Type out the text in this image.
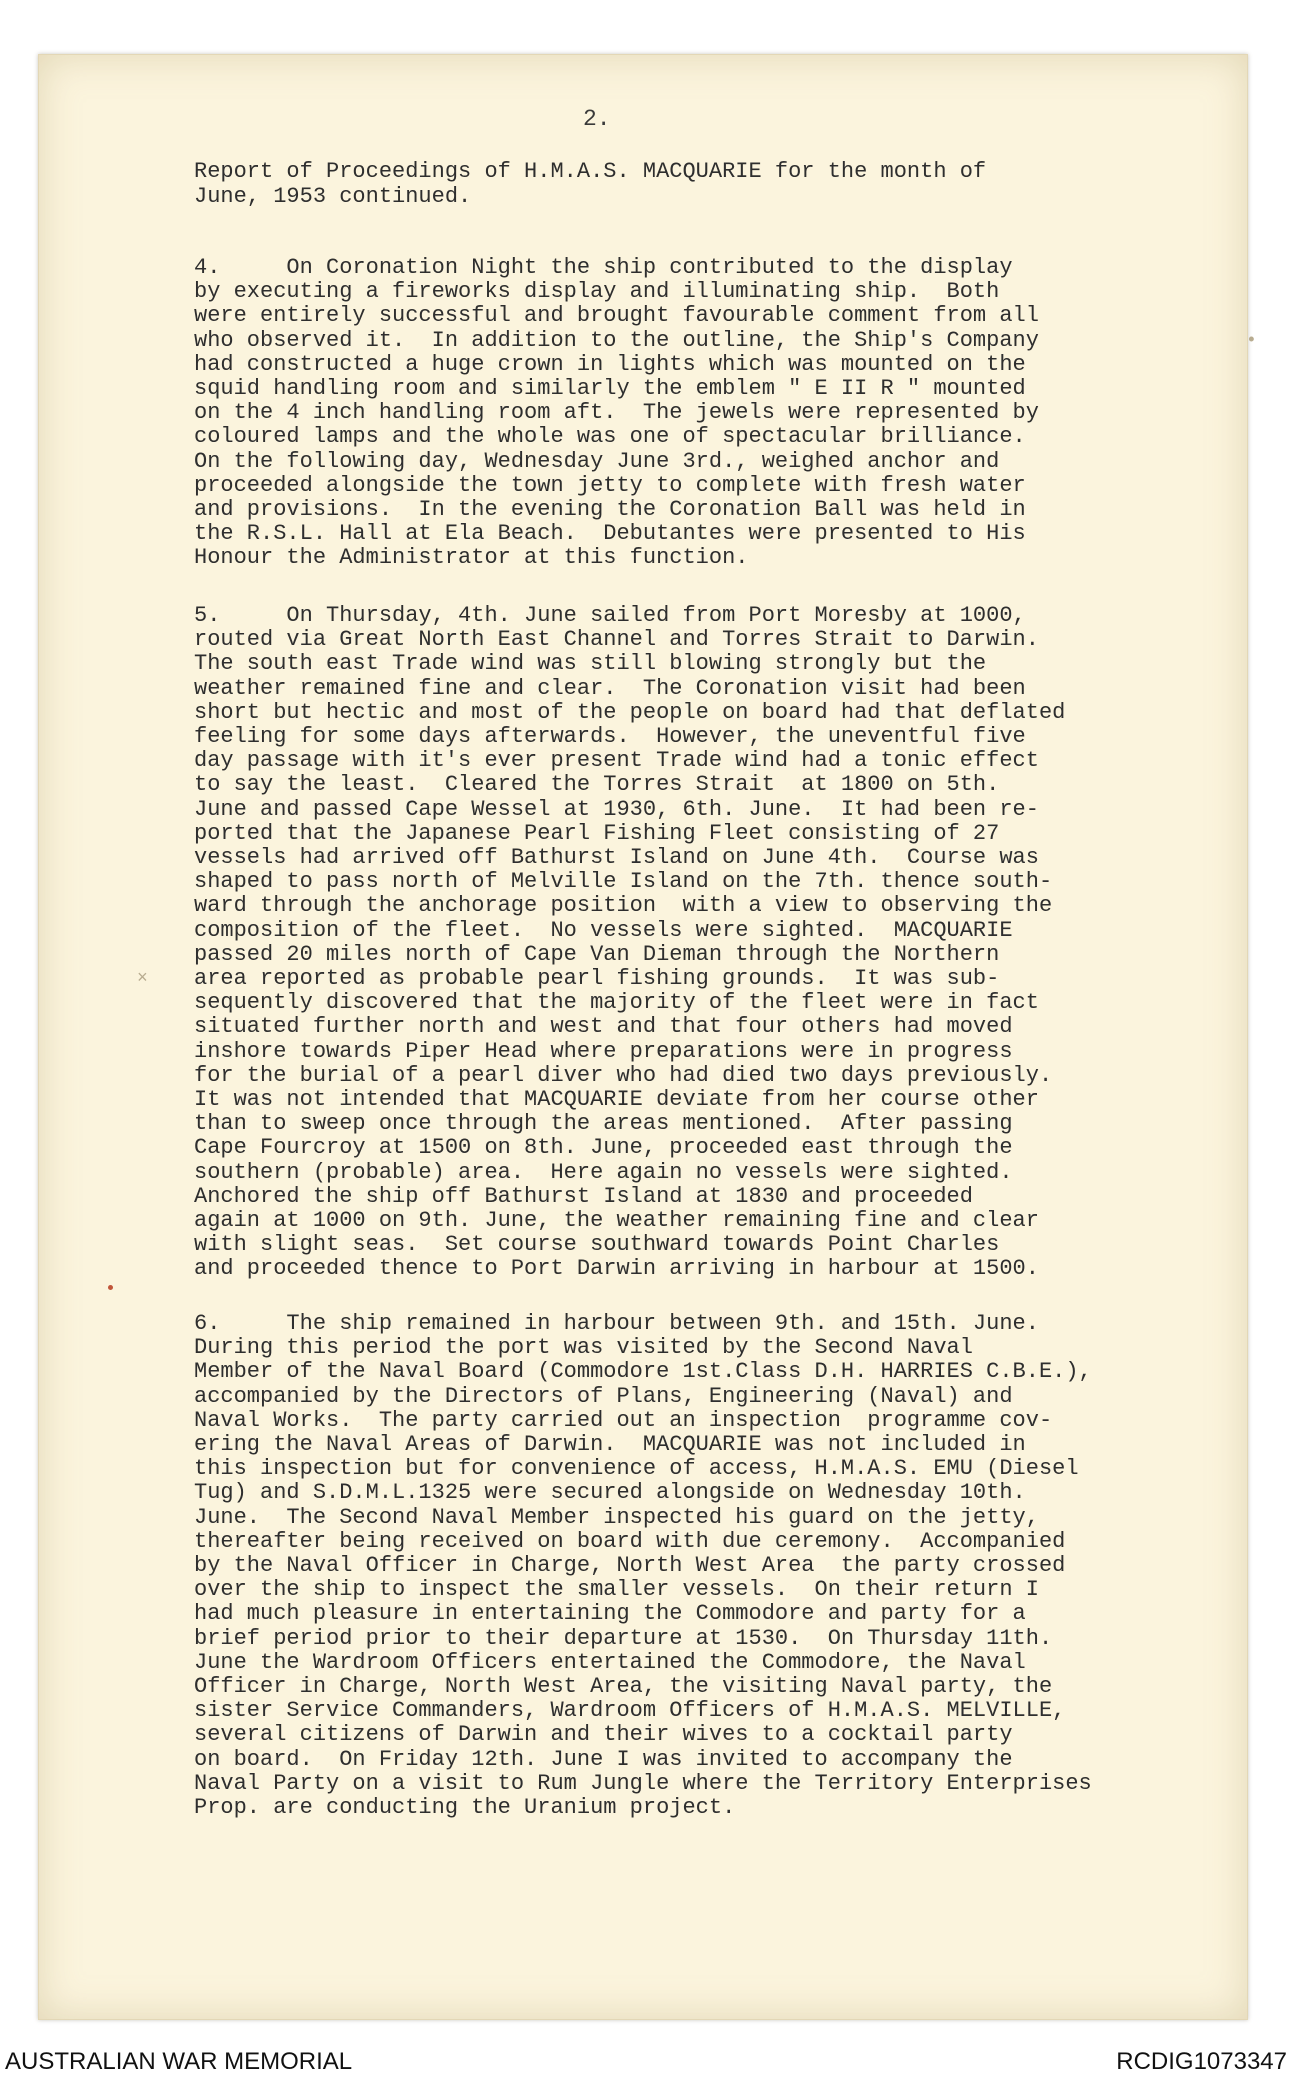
2.

Report of Proceedings of H.M.A.S. MACQUARIE for the month of
June, 1953 continued.

4.     On Coronation Night the ship contributed to the display
by executing a fireworks display and illuminating ship.  Both
were entirely successful and brought favourable comment from all
who observed it.  In addition to the outline, the Ship's Company
had constructed a huge crown in lights which was mounted on the
squid handling room and similarly the emblem " E II R " mounted
on the 4 inch handling room aft.  The jewels were represented by
coloured lamps and the whole was one of spectacular brilliance.
On the following day, Wednesday June 3rd., weighed anchor and
proceeded alongside the town jetty to complete with fresh water
and provisions.  In the evening the Coronation Ball was held in
the R.S.L. Hall at Ela Beach.  Debutantes were presented to His
Honour the Administrator at this function.

5.     On Thursday, 4th. June sailed from Port Moresby at 1000,
routed via Great North East Channel and Torres Strait to Darwin.
The south east Trade wind was still blowing strongly but the
weather remained fine and clear.  The Coronation visit had been
short but hectic and most of the people on board had that deflated
feeling for some days afterwards.  However, the uneventful five
day passage with it's ever present Trade wind had a tonic effect
to say the least.  Cleared the Torres Strait  at 1800 on 5th.
June and passed Cape Wessel at 1930, 6th. June.  It had been re-
ported that the Japanese Pearl Fishing Fleet consisting of 27
vessels had arrived off Bathurst Island on June 4th.  Course was
shaped to pass north of Melville Island on the 7th. thence south-
ward through the anchorage position  with a view to observing the
composition of the fleet.  No vessels were sighted.  MACQUARIE
passed 20 miles north of Cape Van Dieman through the Northern
area reported as probable pearl fishing grounds.  It was sub-
sequently discovered that the majority of the fleet were in fact
situated further north and west and that four others had moved
inshore towards Piper Head where preparations were in progress
for the burial of a pearl diver who had died two days previously.
It was not intended that MACQUARIE deviate from her course other
than to sweep once through the areas mentioned.  After passing
Cape Fourcroy at 1500 on 8th. June, proceeded east through the
southern (probable) area.  Here again no vessels were sighted.
Anchored the ship off Bathurst Island at 1830 and proceeded
again at 1000 on 9th. June, the weather remaining fine and clear
with slight seas.  Set course southward towards Point Charles
and proceeded thence to Port Darwin arriving in harbour at 1500.

6.     The ship remained in harbour between 9th. and 15th. June.
During this period the port was visited by the Second Naval
Member of the Naval Board (Commodore 1st.Class D.H. HARRIES C.B.E.),
accompanied by the Directors of Plans, Engineering (Naval) and
Naval Works.  The party carried out an inspection  programme cov-
ering the Naval Areas of Darwin.  MACQUARIE was not included in
this inspection but for convenience of access, H.M.A.S. EMU (Diesel
Tug) and S.D.M.L.1325 were secured alongside on Wednesday 10th.
June.  The Second Naval Member inspected his guard on the jetty,
thereafter being received on board with due ceremony.  Accompanied
by the Naval Officer in Charge, North West Area  the party crossed
over the ship to inspect the smaller vessels.  On their return I
had much pleasure in entertaining the Commodore and party for a
brief period prior to their departure at 1530.  On Thursday 11th.
June the Wardroom Officers entertained the Commodore, the Naval
Officer in Charge, North West Area, the visiting Naval party, the
sister Service Commanders, Wardroom Officers of H.M.A.S. MELVILLE,
several citizens of Darwin and their wives to a cocktail party
on board.  On Friday 12th. June I was invited to accompany the
Naval Party on a visit to Rum Jungle where the Territory Enterprises
Prop. are conducting the Uranium project.

•
×

AUSTRALIAN WAR MEMORIAL	RCDIG1073347
